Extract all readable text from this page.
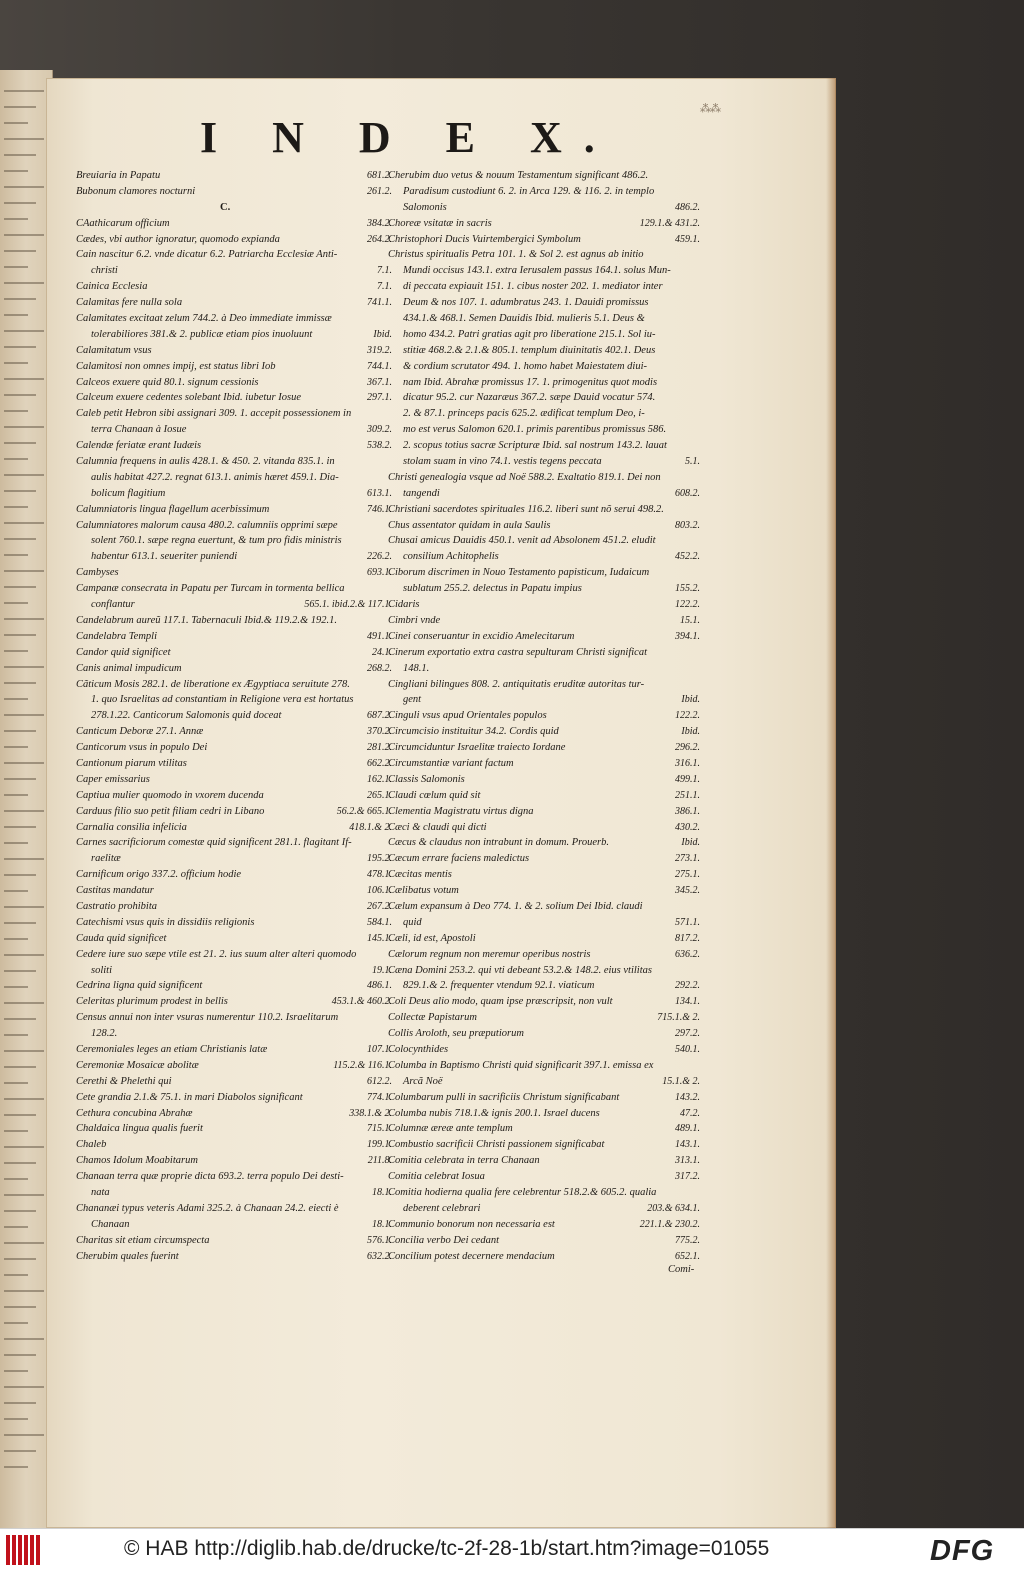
⁂⁂
I N D E X.
Breuiaria in Papatu	681.2.
Bubonum clamores nocturni	261.2.
C.
CAathicarum officium	384.2.
Cædes, vbi author ignoratur, quomodo expianda	264.2.
Cain nascitur 6.2. vnde dicatur 6.2. Patriarcha Ecclesiæ Anti-
christi	7.1.
Cainica Ecclesia	7.1.
Calamitas fere nulla sola	741.1.
Calamitates excitaat zelum 744.2. à Deo immediate immissæ
tolerabiliores 381.& 2. publicæ etiam pios inuoluunt	Ibid.
Calamitatum vsus	319.2.
Calamitosi non omnes impij, est status libri Iob	744.1.
Calceos exuere quid 80.1. signum cessionis	367.1.
Calceum exuere cedentes solebant Ibid. iubetur Iosue	297.1.
Caleb petit Hebron sibi assignari 309. 1. accepit possessionem in
terra Chanaan à Iosue	309.2.
Calendæ feriatæ erant Iudæis	538.2.
Calumnia frequens in aulis 428.1. & 450. 2. vitanda 835.1. in
aulis habitat 427.2. regnat 613.1. animis hæret 459.1. Dia-
bolicum flagitium	613.1.
Calumniatoris lingua flagellum acerbissimum	746.1.
Calumniatores malorum causa 480.2. calumniis opprimi sæpe
solent 760.1. sæpe regna euertunt, & tum pro fidis ministris
habentur 613.1. seueriter puniendi	226.2.
Cambyses	693.1.
Campanæ consecrata in Papatu per Turcam in tormenta bellica
conflantur	565.1. ibid.2.& 117.1.
Candelabrum aureũ 117.1. Tabernaculi Ibid.& 119.2.& 192.1.
Candelabra Templi	491.1.
Candor quid significet	24.1.
Canis animal impudicum	268.2.
Cãticum Mosis 282.1. de liberatione ex Ægyptiaca seruitute 278.
1. quo Israelitas ad constantiam in Religione vera est hortatus
278.1.22. Canticorum Salomonis quid doceat	687.2.
Canticum Deboræ 27.1. Annæ	370.2.
Canticorum vsus in populo Dei	281.2.
Cantionum piarum vtilitas	662.2.
Caper emissarius	162.1.
Captiua mulier quomodo in vxorem ducenda	265.1.
Carduus filio suo petit filiam cedri in Libano	56.2.& 665.1.
Carnalia consilia infelicia	418.1.& 2.
Carnes sacrificiorum comestæ quid significent 281.1. flagitant If-
raelitæ	195.2.
Carnificum origo 337.2. officium hodie	478.1.
Castitas mandatur	106.1.
Castratio prohibita	267.2.
Catechismi vsus quis in dissidiis religionis	584.1.
Cauda quid significet	145.1.
Cedere iure suo sæpe vtile est 21. 2. ius suum alter alteri quomodo
soliti	19.1.
Cedrina ligna quid significent	486.1.
Celeritas plurimum prodest in bellis	453.1.& 460.2.
Census annui non inter vsuras numerentur 110.2. Israelitarum
128.2.
Ceremoniales leges an etiam Christianis latæ	107.1.
Ceremoniæ Mosaicæ abolitæ	115.2.& 116.1.
Cerethi & Phelethi qui	612.2.
Cete grandia 2.1.& 75.1. in mari Diabolos significant	774.1.
Cethura concubina Abrahæ	338.1.& 2.
Chaldaica lingua qualis fuerit	715.1.
Chaleb	199.1.
Chamos Idolum Moabitarum	211.8.
Chanaan terra quæ proprie dicta 693.2. terra populo Dei desti-
nata	18.1.
Chananæi typus veteris Adami 325.2. à Chanaan 24.2. eiecti è
Chanaan	18.1.
Charitas sit etiam circumspecta	576.1.
Cherubim quales fuerint	632.2.
Cherubim duo vetus & nouum Testamentum significant 486.2.
Paradisum custodiunt 6. 2. in Arca 129. & 116. 2. in templo
Salomonis	486.2.
Choreæ vsitatæ in sacris	129.1.& 431.2.
Christophori Ducis Vuirtembergici Symbolum	459.1.
Christus spiritualis Petra 101. 1. & Sol 2. est agnus ab initio
Mundi occisus 143.1. extra Ierusalem passus 164.1. solus Mun-
di peccata expiauit 151. 1. cibus noster 202. 1. mediator inter
Deum & nos 107. 1. adumbratus 243. 1. Dauidi promissus
434.1.& 468.1. Semen Dauidis Ibid. mulieris 5.1. Deus &
homo 434.2. Patri gratias agit pro liberatione 215.1. Sol iu-
stitiæ 468.2.& 2.1.& 805.1. templum diuinitatis 402.1. Deus
& cordium scrutator 494. 1. homo habet Maiestatem diui-
nam Ibid. Abrahæ promissus 17. 1. primogenitus quot modis
dicatur 95.2. cur Nazaræus 367.2. sæpe Dauid vocatur 574.
2. & 87.1. princeps pacis 625.2. ædificat templum Deo, i-
mo est verus Salomon 620.1. primis parentibus promissus 586.
2. scopus totius sacræ Scripturæ Ibid. sal nostrum 143.2. lauat
stolam suam in vino 74.1. vestis tegens peccata	5.1.
Christi genealogia vsque ad Noë 588.2. Exaltatio 819.1. Dei non
tangendi	608.2.
Christiani sacerdotes spirituales 116.2. liberi sunt nõ serui 498.2.
Chus assentator quidam in aula Saulis	803.2.
Chusai amicus Dauidis 450.1. venit ad Absolonem 451.2. eludit
consilium Achitophelis	452.2.
Ciborum discrimen in Nouo Testamento papisticum, Iudaicum
sublatum 255.2. delectus in Papatu impius	155.2.
Cidaris	122.2.
Cimbri vnde	15.1.
Cinei conseruantur in excidio Amelecitarum	394.1.
Cinerum exportatio extra castra sepulturam Christi significat
148.1.
Cingliani bilingues 808. 2. antiquitatis eruditæ autoritas tur-
gent	Ibid.
Cinguli vsus apud Orientales populos	122.2.
Circumcisio instituitur 34.2. Cordis quid	Ibid.
Circumciduntur Israelitæ traiecto Iordane	296.2.
Circumstantiæ variant factum	316.1.
Classis Salomonis	499.1.
Claudi cœlum quid sit	251.1.
Clementia Magistratu virtus digna	386.1.
Cæci & claudi qui dicti	430.2.
Cæcus & claudus non intrabunt in domum. Prouerb.	Ibid.
Cæcum errare faciens maledictus	273.1.
Cæcitas mentis	275.1.
Cælibatus votum	345.2.
Cælum expansum à Deo 774. 1. & 2. solium Dei Ibid. claudi
quid	571.1.
Cæli, id est, Apostoli	817.2.
Cælorum regnum non meremur operibus nostris	636.2.
Cæna Domini 253.2. qui vti debeant 53.2.& 148.2. eius vtilitas
829.1.& 2. frequenter vtendum 92.1. viaticum	292.2.
Coli Deus alio modo, quam ipse præscripsit, non vult	134.1.
Collectæ Papistarum	715.1.& 2.
Collis Aroloth, seu præputiorum	297.2.
Colocynthides	540.1.
Columba in Baptismo Christi quid significarit 397.1. emissa ex
Arcã Noë	15.1.& 2.
Columbarum pulli in sacrificiis Christum significabant	143.2.
Columba nubis 718.1.& ignis 200.1. Israel ducens	47.2.
Columnæ æreæ ante templum	489.1.
Combustio sacrificii Christi passionem significabat	143.1.
Comitia celebrata in terra Chanaan	313.1.
Comitia celebrat Iosua	317.2.
Comitia hodierna qualia fere celebrentur 518.2.& 605.2. qualia
deberent celebrari	203.& 634.1.
Communio bonorum non necessaria est	221.1.& 230.2.
Concilia verbo Dei cedant	775.2.
Concilium potest decernere mendacium	652.1.
Comi-
© HAB http://diglib.hab.de/drucke/tc-2f-28-1b/start.htm?image=01055	DFG
